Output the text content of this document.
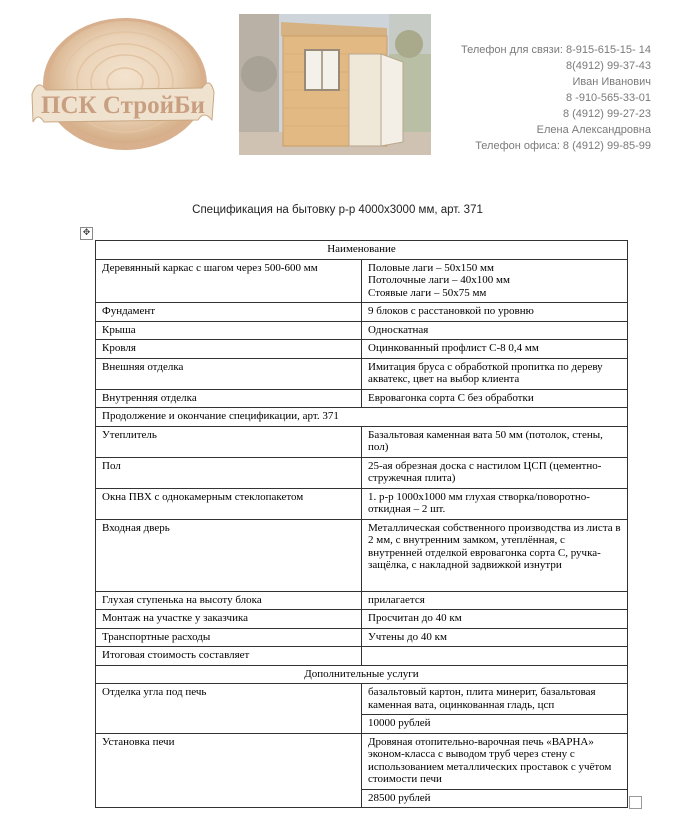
ПСК СтройБи
Телефон для связи: 8-915-615-15- 14
8(4912) 99-37-43
Иван Иванович
8 -910-565-33-01
8 (4912) 99-27-23
Елена Александровна
Телефон офиса: 8 (4912) 99-85-99
Спецификация на бытовку р-р 4000х3000 мм, арт. 371
✥
Наименование	
Деревянный каркас с шагом через 500-600 мм	Половые лаги – 50х150 мм
Потолочные лаги – 40х100 мм
Стоявые лаги – 50х75 мм

Фундамент	9 блоков с расстановкой по уровню
Крыша	Односкатная
Кровля	Оцинкованный профлист С-8 0,4 мм
Внешняя отделка	Имитация бруса с обработкой пропитка по дереву акватекс, цвет на выбор клиента
Внутренняя отделка	Евровагонка сорта С без обработки
Продолжение и окончание спецификации, арт. 371	
Утеплитель	Базальтовая каменная вата 50 мм (потолок, стены, пол)
Пол	25-ая обрезная доска с настилом ЦСП (цементно-стружечная плита)
Окна ПВХ с однокамерным стеклопакетом	1. р-р 1000х1000 мм глухая створка/поворотно-откидная – 2 шт.
Входная дверь	Металлическая собственного производства из листа в 2 мм, с внутренним замком, утеплённая, с внутренней отделкой евровагонка сорта С, ручка-защёлка, с накладной задвижкой изнутри
Глухая ступенька на высоту блока	прилагается
Монтаж на участке у заказчика	Просчитан до 40 км
Транспортные расходы	Учтены до 40 км
Итоговая стоимость составляет	
Дополнительные услуги	
Отделка угла под печь	базальтовый картон, плита минерит, базальтовая каменная вата, оцинкованная гладь, цсп
	10000 рублей
Установка печи	Дровяная отопительно-варочная печь «ВАРНА» эконом-класса с выводом труб через стену с использованием металлических проставок с учётом стоимости печи
	28500 рублей
